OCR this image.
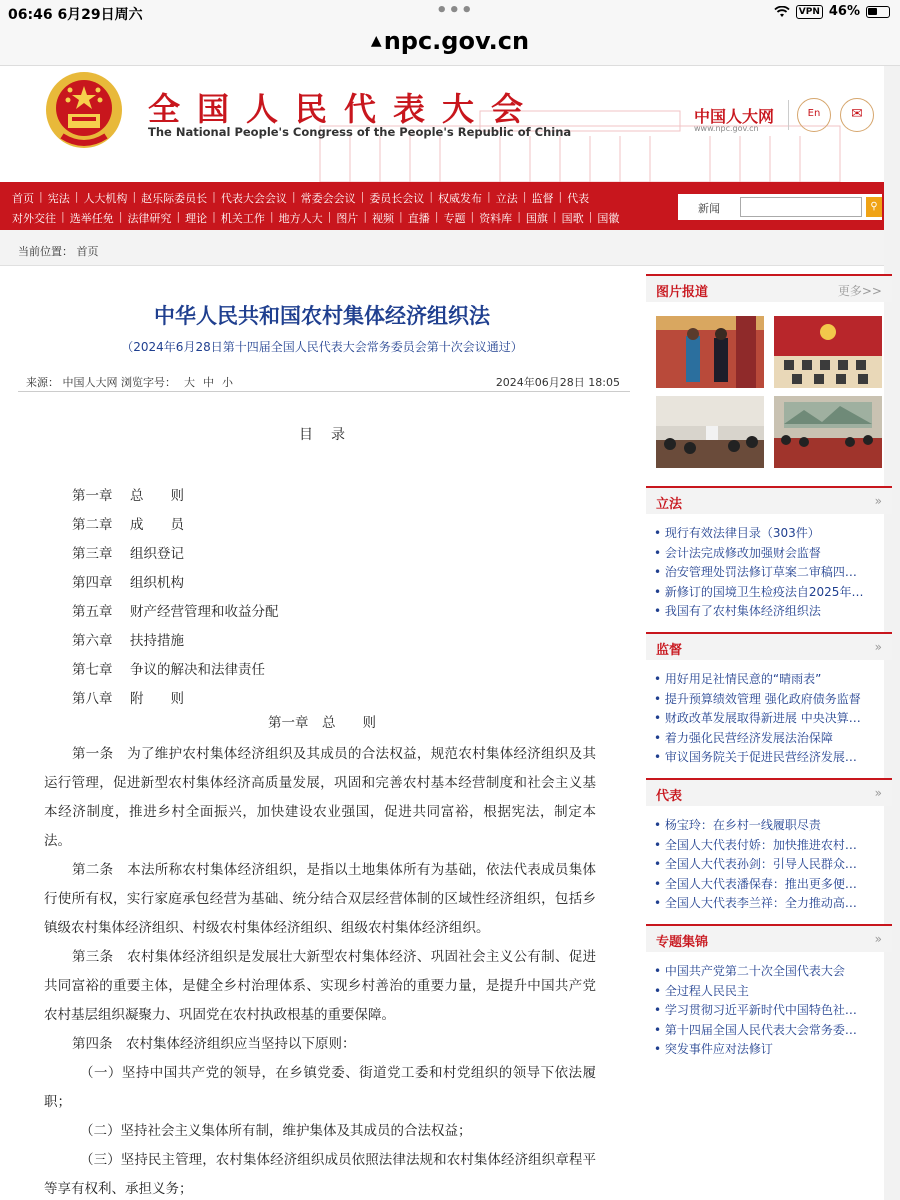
06:46 6月29日周六	•••	VPN 46%
▲npc.gov.cn
全国人民代表大会
The National People's Congress of the People's Republic of China
中国人大网
www.npc.gov.cn
En	✉
首页 | 宪法 | 人大机构 | 赵乐际委员长 | 代表大会会议 | 常委会会议 | 委员长会议 | 权威发布 | 立法 | 监督 | 代表
对外交往 | 选举任免 | 法律研究 | 理论 | 机关工作 | 地方人大 | 图片 | 视频 | 直播 | 专题 | 资料库 | 国旗 | 国歌 | 国徽
新闻	⚲
当前位置： 首页
中华人民共和国农村集体经济组织法
（2024年6月28日第十四届全国人民代表大会常务委员会第十次会议通过）
来源： 中国人大网 浏览字号： 大 中 小	2024年06月28日 18:05
目录
第一章 总　　则
第二章 成　　员
第三章 组织登记
第四章 组织机构
第五章 财产经营管理和收益分配
第六章 扶持措施
第七章 争议的解决和法律责任
第八章 附　　则
第一章　总　　则

第一条　为了维护农村集体经济组织及其成员的合法权益，规范农村集体经济组织及其运行管理，促进新型农村集体经济高质量发展，巩固和完善农村基本经营制度和社会主义基本经济制度，推进乡村全面振兴，加快建设农业强国，促进共同富裕，根据宪法，制定本法。

第二条　本法所称农村集体经济组织，是指以土地集体所有为基础，依法代表成员集体行使所有权，实行家庭承包经营为基础、统分结合双层经营体制的区域性经济组织，包括乡镇级农村集体经济组织、村级农村集体经济组织、组级农村集体经济组织。

第三条　农村集体经济组织是发展壮大新型农村集体经济、巩固社会主义公有制、促进共同富裕的重要主体，是健全乡村治理体系、实现乡村善治的重要力量，是提升中国共产党农村基层组织凝聚力、巩固党在农村执政根基的重要保障。

第四条　农村集体经济组织应当坚持以下原则：

（一）坚持中国共产党的领导，在乡镇党委、街道党工委和村党组织的领导下依法履职；

（二）坚持社会主义集体所有制，维护集体及其成员的合法权益；

（三）坚持民主管理，农村集体经济组织成员依照法律法规和农村集体经济组织章程平等享有权利、承担义务；

图片报道	更多>>
立法	»
• 现行有效法律目录（303件）
• 会计法完成修改加强财会监督
• 治安管理处罚法修订草案二审稿四…
• 新修订的国境卫生检疫法自2025年…
• 我国有了农村集体经济组织法
监督	»
• 用好用足社情民意的“晴雨表”
• 提升预算绩效管理 强化政府债务监督
• 财政改革发展取得新进展 中央决算…
• 着力强化民营经济发展法治保障
• 审议国务院关于促进民营经济发展…
代表	»
• 杨宝玲：在乡村一线履职尽责
• 全国人大代表付娇：加快推进农村…
• 全国人大代表孙剑：引导人民群众…
• 全国人大代表潘保春：推出更多便…
• 全国人大代表李兰祥：全力推动高…
专题集锦	»
• 中国共产党第二十次全国代表大会
• 全过程人民民主
• 学习贯彻习近平新时代中国特色社…
• 第十四届全国人民代表大会常务委…
• 突发事件应对法修订
